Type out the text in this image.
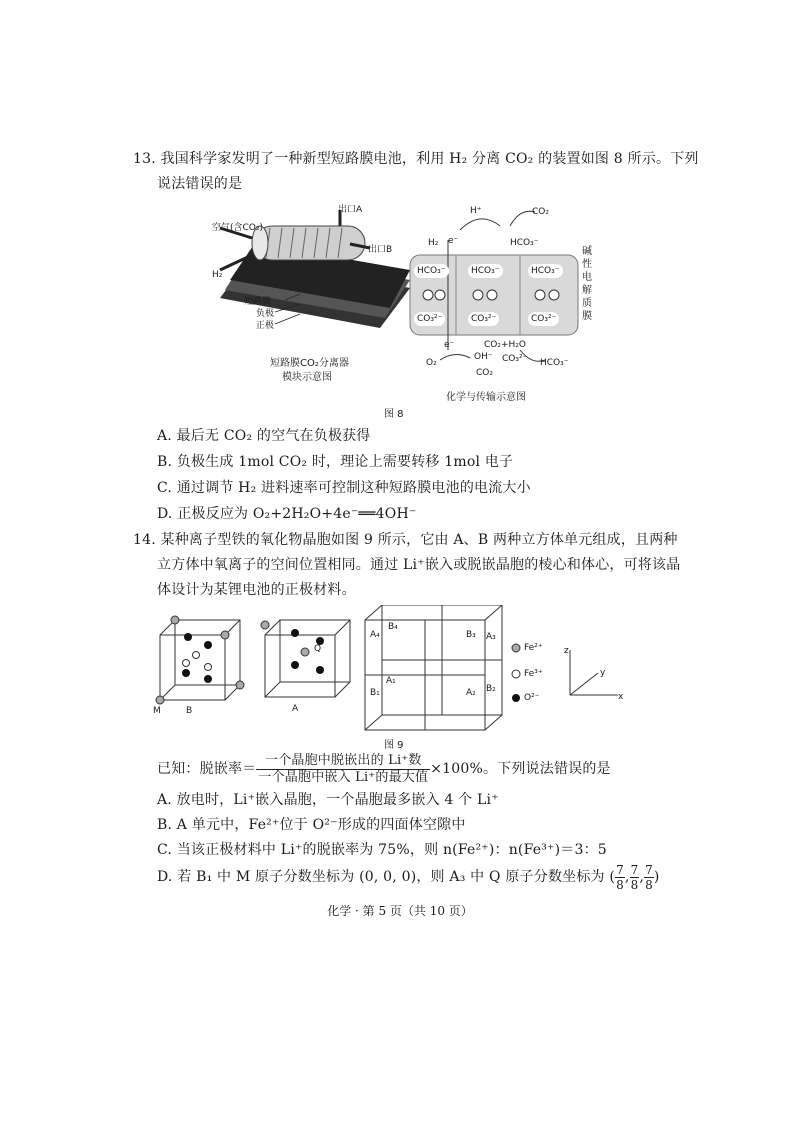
13. 我国科学家发明了一种新型短路膜电池，利用 H₂ 分离 CO₂ 的装置如图 8 所示。下列
说法错误的是
空气(含CO₂)
出口A
出口B
H₂
短路膜
负极
正极
短路膜CO₂分离器
模块示意图
H⁺	CO₂
H₂ e⁻	HCO₃⁻
HCO₃⁻	HCO₃⁻	HCO₃⁻
CO₃²⁻	CO₃²⁻	CO₃²⁻
碱性电解质膜
e⁻
O₂
OH⁻ CO₃²⁻
CO₂+H₂O
CO₂
HCO₃⁻
化学与传输示意图
图 8
A. 最后无 CO₂ 的空气在负极获得
B. 负极生成 1mol CO₂ 时，理论上需要转移 1mol 电子
C. 通过调节 H₂ 进料速率可控制这种短路膜电池的电流大小
D. 正极反应为 O₂+2H₂O+4e⁻══4OH⁻
14. 某种离子型铁的氧化物晶胞如图 9 所示，它由 A、B 两种立方体单元组成，且两种
立方体中氧离子的空间位置相同。通过 Li⁺嵌入或脱嵌晶胞的棱心和体心，可将该晶
体设计为某锂电池的正极材料。
M	B	A
Q
A₄
B₄
B₃ A₃
B₁
A₁
A₂ B₂
Fe²⁺
Fe³⁺
O²⁻	x
y
z
图 9
已知：脱嵌率＝ $\frac{\text{一个晶胞中脱嵌出的 Li⁺数}}{\text{一个晶胞中嵌入 Li⁺的最大值}} \times 100\%$。下列说法错误的是
A. 放电时，Li⁺嵌入晶胞，一个晶胞最多嵌入 4 个 Li⁺
B. A 单元中，Fe²⁺位于 O²⁻形成的四面体空隙中
C. 当该正极材料中 Li⁺的脱嵌率为 75%，则 n(Fe²⁺)：n(Fe³⁺)＝3：5
D. 若 B₁ 中 M 原子分数坐标为 (0, 0, 0)，则 A₃ 中 Q 原子分数坐标为 ( 7
8 , 7
8 , 7
8 )
化学 · 第 5 页（共 10 页）
